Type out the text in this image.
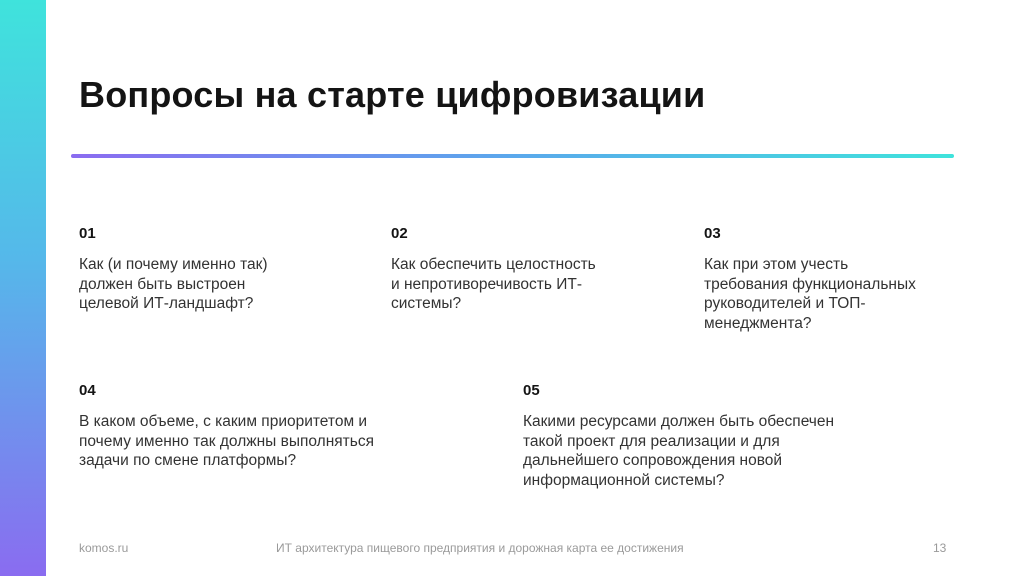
Вопросы на старте цифровизации
01
Как (и почему именно так)
должен быть выстроен
целевой ИТ-ландшафт?
02
Как обеспечить целостность
и непротиворечивость ИТ-
системы?
03
Как при этом учесть
требования функциональных
руководителей и ТОП-
менеджмента?
04
В каком объеме, с каким приоритетом и
почему именно так должны выполняться
задачи по смене платформы?
05
Какими ресурсами должен быть обеспечен
такой проект для реализации и для
дальнейшего сопровождения новой
информационной системы?
komos.ru	ИТ архитектура пищевого предприятия и дорожная карта ее достижения	13
